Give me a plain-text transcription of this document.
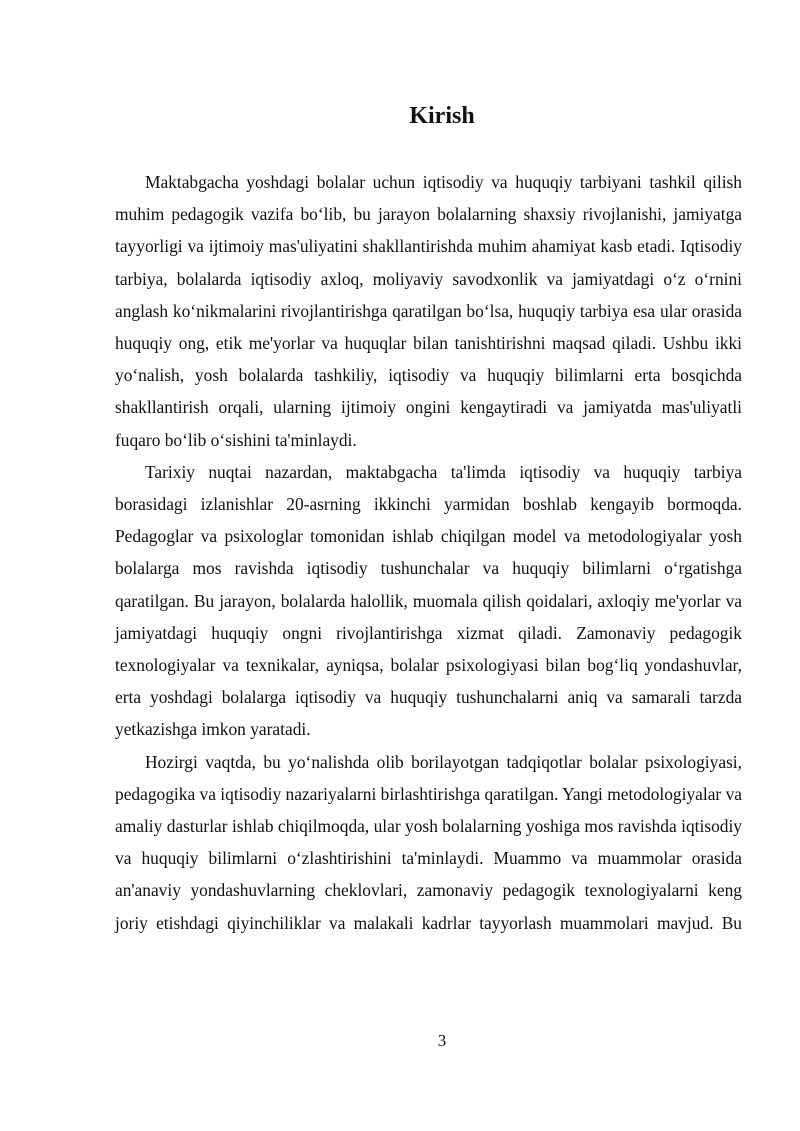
Kirish

Maktabgacha yoshdagi bolalar uchun iqtisodiy va huquqiy tarbiyani tashkil qilish muhim pedagogik vazifa bo‘lib, bu jarayon bolalarning shaxsiy rivojlanishi, jamiyatga tayyorligi va ijtimoiy mas'uliyatini shakllantirishda muhim ahamiyat kasb etadi. Iqtisodiy tarbiya, bolalarda iqtisodiy axloq, moliyaviy savodxonlik va jamiyatdagi o‘z o‘rnini anglash ko‘nikmalarini rivojlantirishga qaratilgan bo‘lsa, huquqiy tarbiya esa ular orasida huquqiy ong, etik me'yorlar va huquqlar bilan tanishtirishni maqsad qiladi. Ushbu ikki yo‘nalish, yosh bolalarda tashkiliy, iqtisodiy va huquqiy bilimlarni erta bosqichda shakllantirish orqali, ularning ijtimoiy ongini kengaytiradi va jamiyatda mas'uliyatli fuqaro bo‘lib o‘sishini ta'minlaydi.

Tarixiy nuqtai nazardan, maktabgacha ta'limda iqtisodiy va huquqiy tarbiya borasidagi izlanishlar 20-asrning ikkinchi yarmidan boshlab kengayib bormoqda. Pedagoglar va psixologlar tomonidan ishlab chiqilgan model va metodologiyalar yosh bolalarga mos ravishda iqtisodiy tushunchalar va huquqiy bilimlarni o‘rgatishga qaratilgan. Bu jarayon, bolalarda halollik, muomala qilish qoidalari, axloqiy me'yorlar va jamiyatdagi huquqiy ongni rivojlantirishga xizmat qiladi. Zamonaviy pedagogik texnologiyalar va texnikalar, ayniqsa, bolalar psixologiyasi bilan bog‘liq yondashuvlar, erta yoshdagi bolalarga iqtisodiy va huquqiy tushunchalarni aniq va samarali tarzda yetkazishga imkon yaratadi.

Hozirgi vaqtda, bu yo‘nalishda olib borilayotgan tadqiqotlar bolalar psixologiyasi, pedagogika va iqtisodiy nazariyalarni birlashtirishga qaratilgan. Yangi metodologiyalar va amaliy dasturlar ishlab chiqilmoqda, ular yosh bolalarning yoshiga mos ravishda iqtisodiy va huquqiy bilimlarni o‘zlashtirishini ta'minlaydi. Muammo va muammolar orasida an'anaviy yondashuvlarning cheklovlari, zamonaviy pedagogik texnologiyalarni keng joriy etishdagi qiyinchiliklar va malakali kadrlar tayyorlash muammolari mavjud. Bu

3
